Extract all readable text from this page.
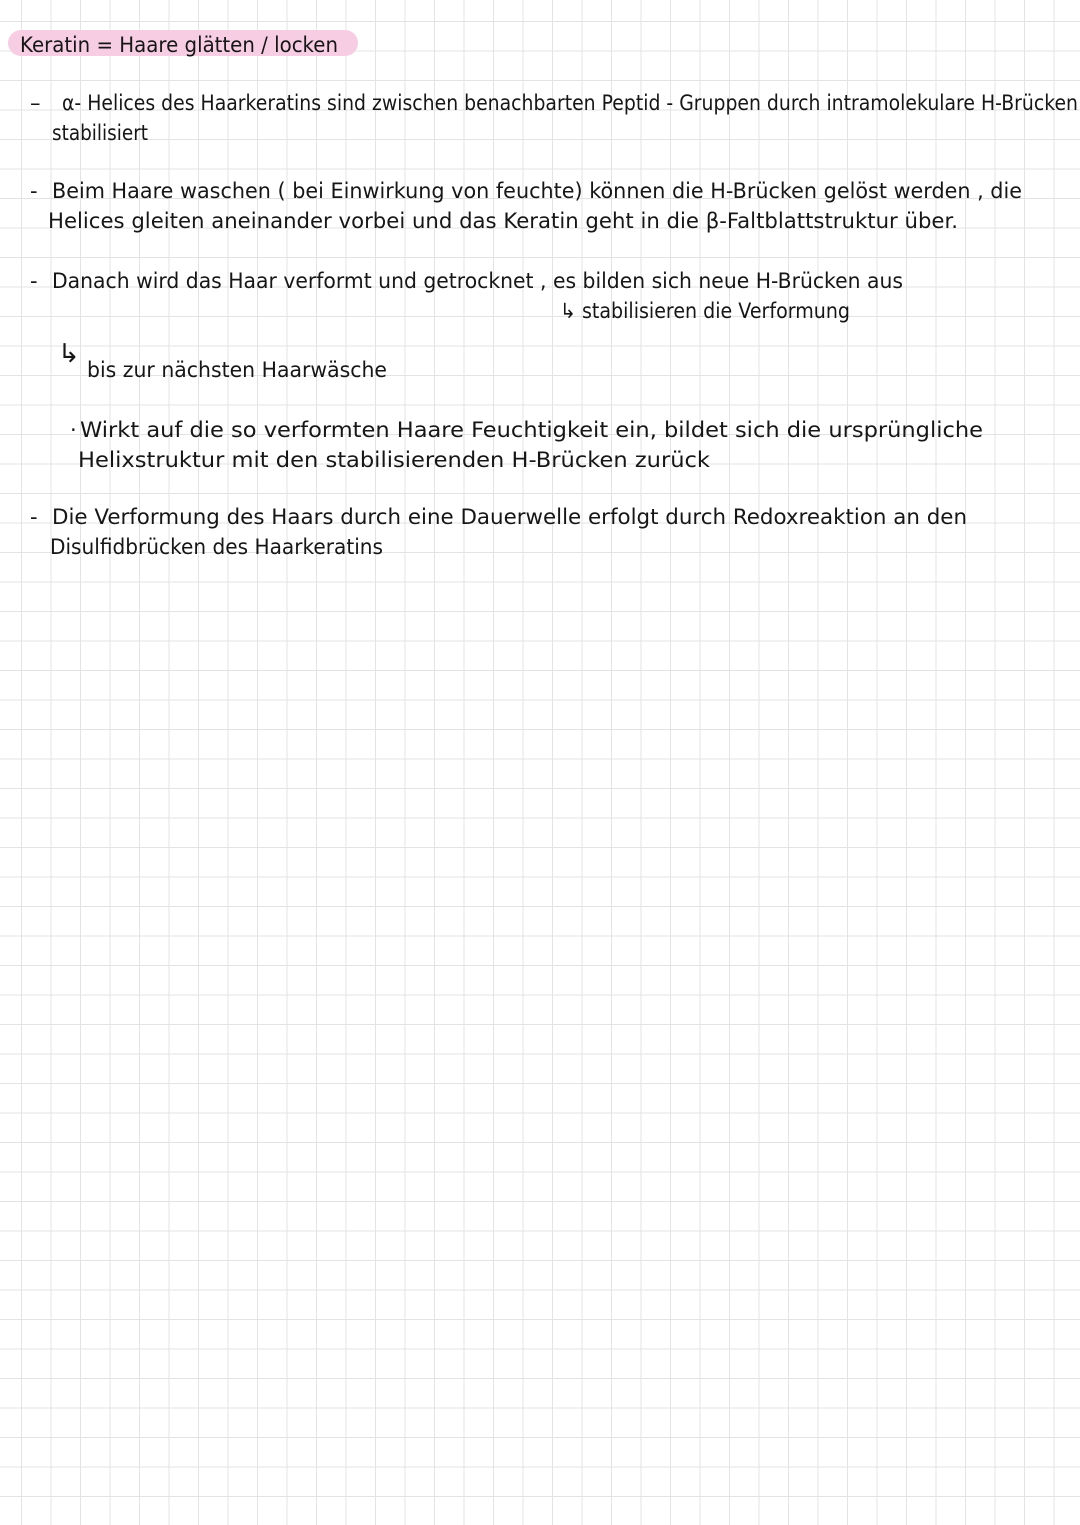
Keratin = Haare glätten / locken
– α- Helices des Haarkeratins sind zwischen benachbarten Peptid - Gruppen durch intramolekulare H-Brücken
stabilisiert
- Beim Haare waschen ( bei Einwirkung von feuchte) können die H-Brücken gelöst werden , die
Helices gleiten aneinander vorbei und das Keratin geht in die β-Faltblattstruktur über.
- Danach wird das Haar verformt und getrocknet , es bilden sich neue H-Brücken aus
↳ stabilisieren die Verformung
↳
bis zur nächsten Haarwäsche
· Wirkt auf die so verformten Haare Feuchtigkeit ein, bildet sich die ursprüngliche
Helixstruktur mit den stabilisierenden H-Brücken zurück
- Die Verformung des Haars durch eine Dauerwelle erfolgt durch Redoxreaktion an den
Disulfidbrücken des Haarkeratins
